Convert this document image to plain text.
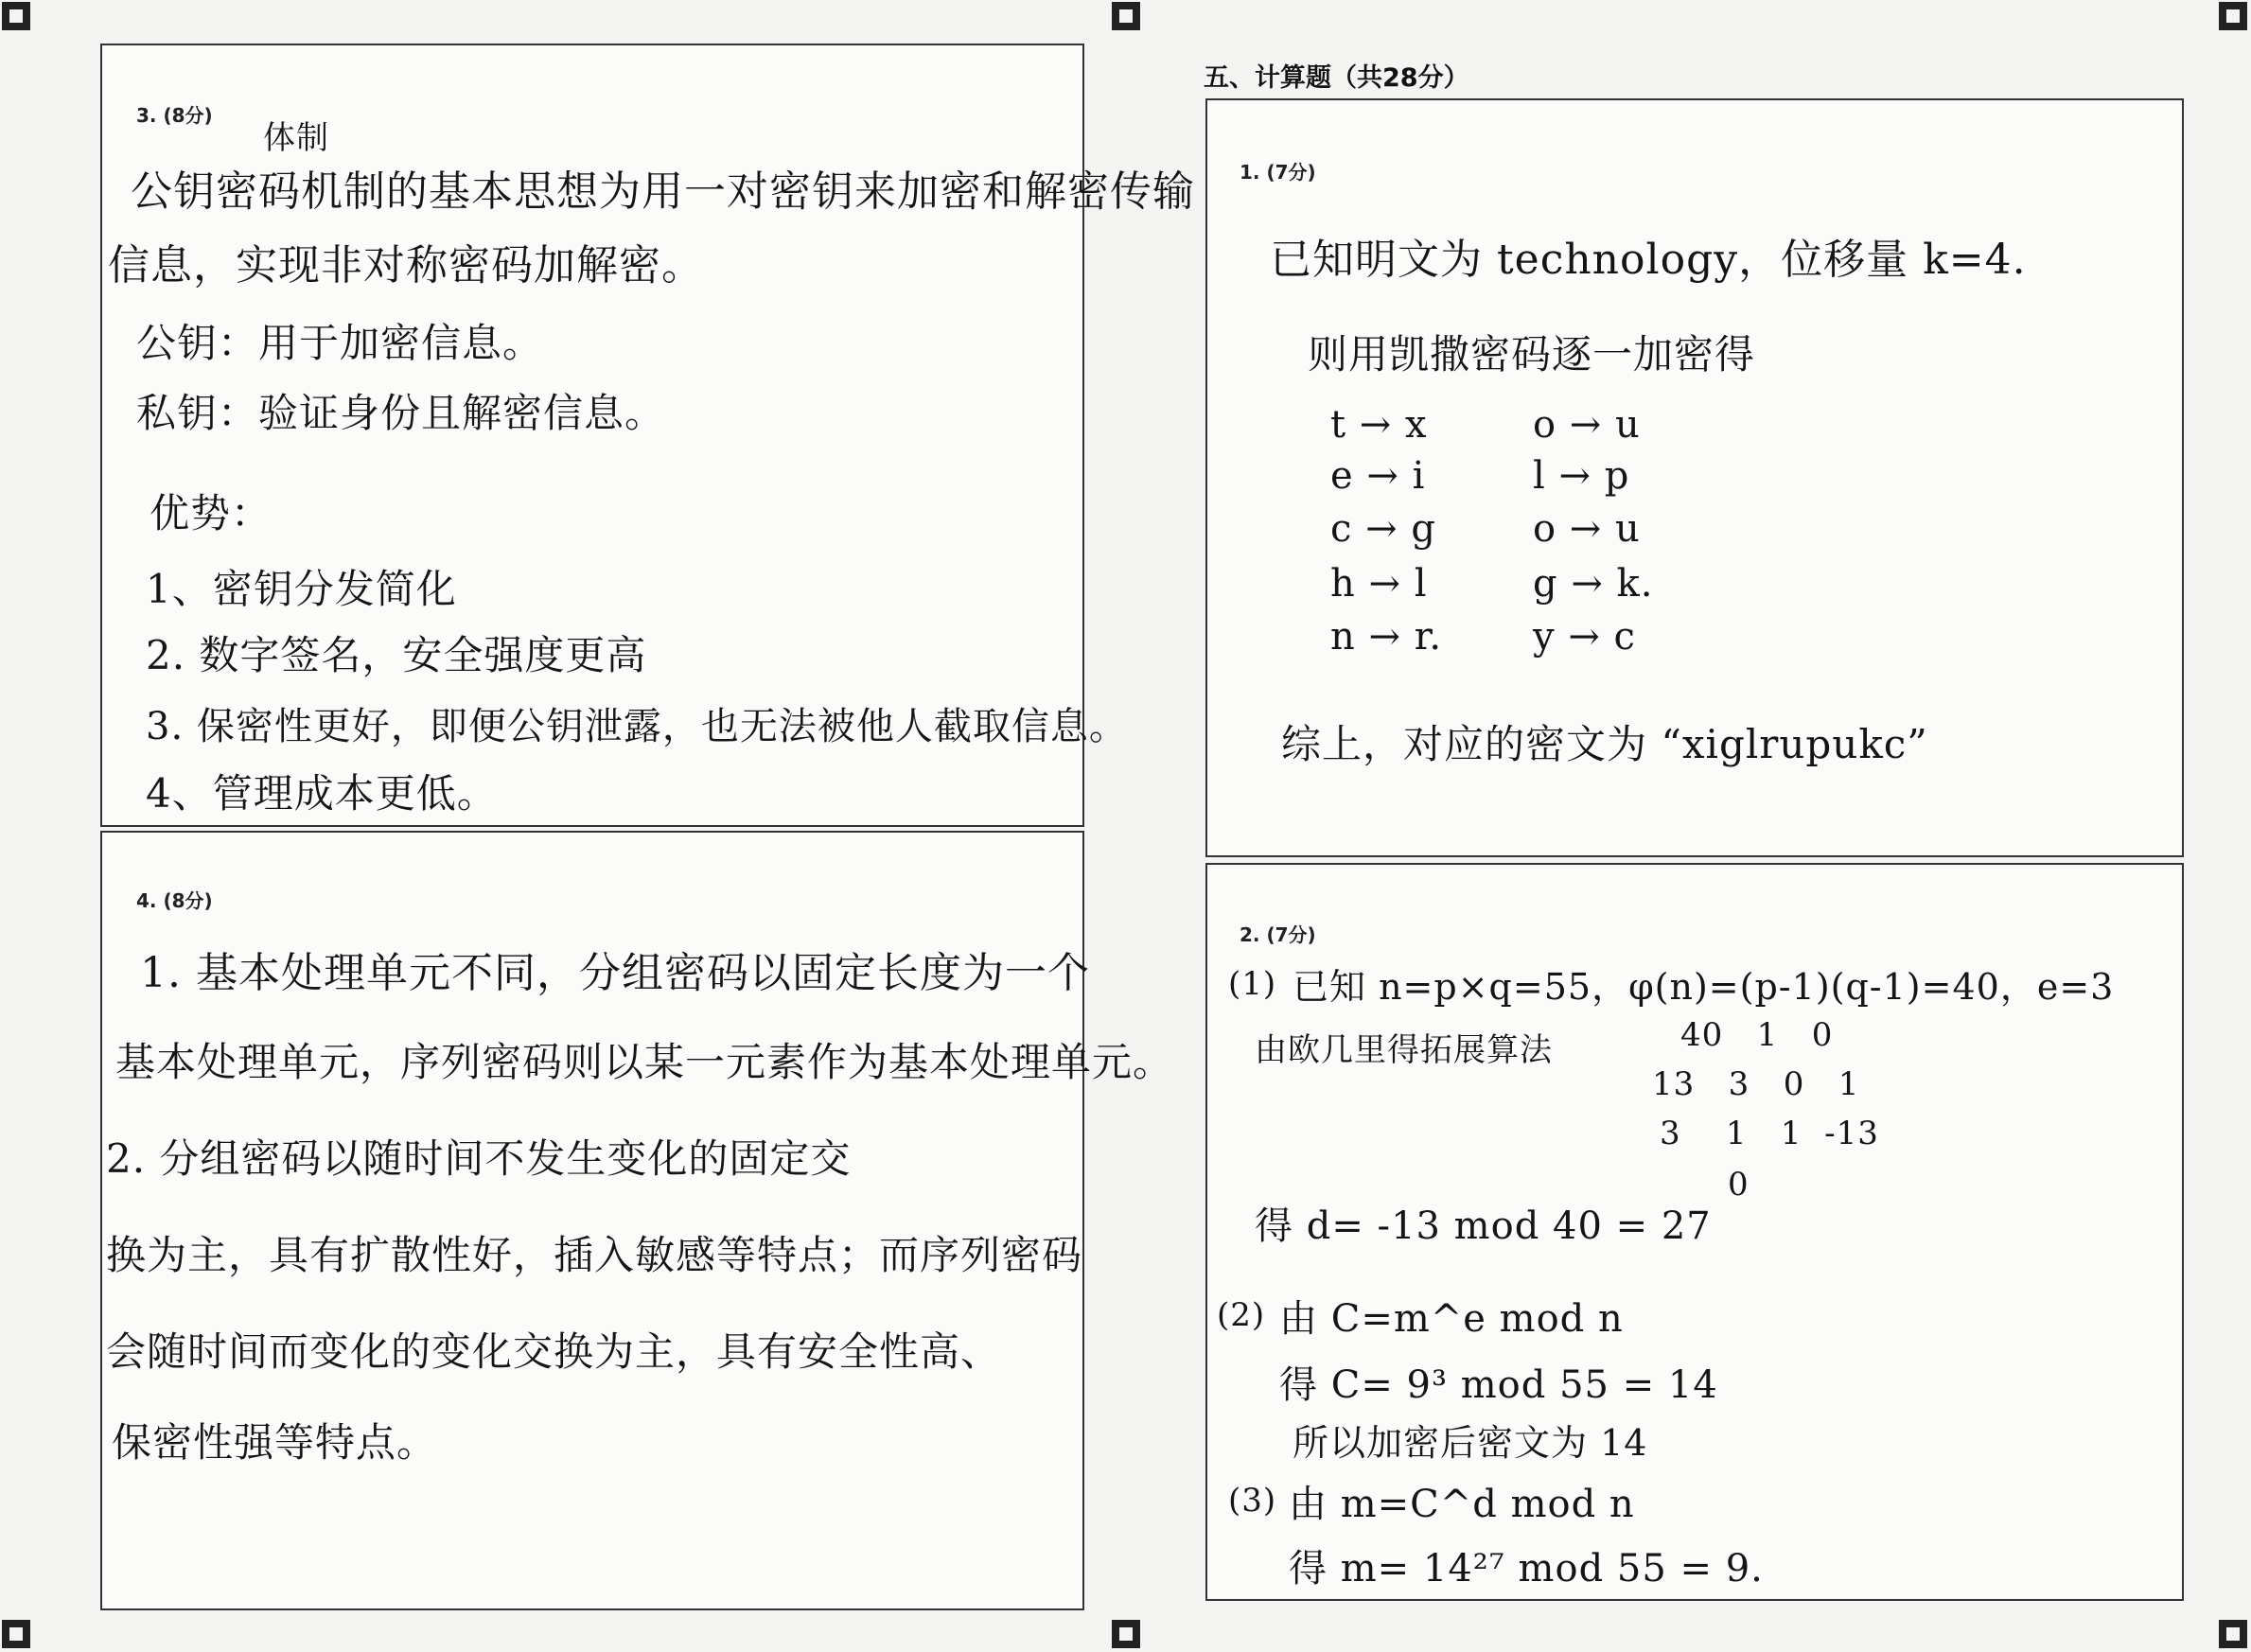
五、计算题（共28分）
3. (8分)
体制
公钥密码机制的基本思想为用一对密钥来加密和解密传输
信息，实现非对称密码加解密。
公钥：用于加密信息。
私钥：验证身份且解密信息。
优势：
1、密钥分发简化
2. 数字签名，安全强度更高
3. 保密性更好，即便公钥泄露，也无法被他人截取信息。
4、管理成本更低。
4. (8分)
1. 基本处理单元不同，分组密码以固定长度为一个
基本处理单元，序列密码则以某一元素作为基本处理单元。
2. 分组密码以随时间不发生变化的固定交
换为主，具有扩散性好，插入敏感等特点；而序列密码
会随时间而变化的变化交换为主，具有安全性高、
保密性强等特点。
1. (7分)
已知明文为 technology，位移量 k=4.
则用凯撒密码逐一加密得
t → x
e → i
c → g
h → l
n → r.
o → u
l → p
o → u
g → k.
y → c
综上，对应的密文为 “xiglrupukc”
2. (7分)
(1) 已知 n=p×q=55，φ(n)=(p-1)(q-1)=40，e=3
由欧几里得拓展算法	40   1   0
13   3   0   1
3    1   1  -13
0
得 d= -13 mod 40 = 27
(2) 由 C=m^e mod n
得 C= 9³ mod 55 = 14
所以加密后密文为 14
(3) 由 m=C^d mod n
得 m= 14²⁷ mod 55 = 9.
